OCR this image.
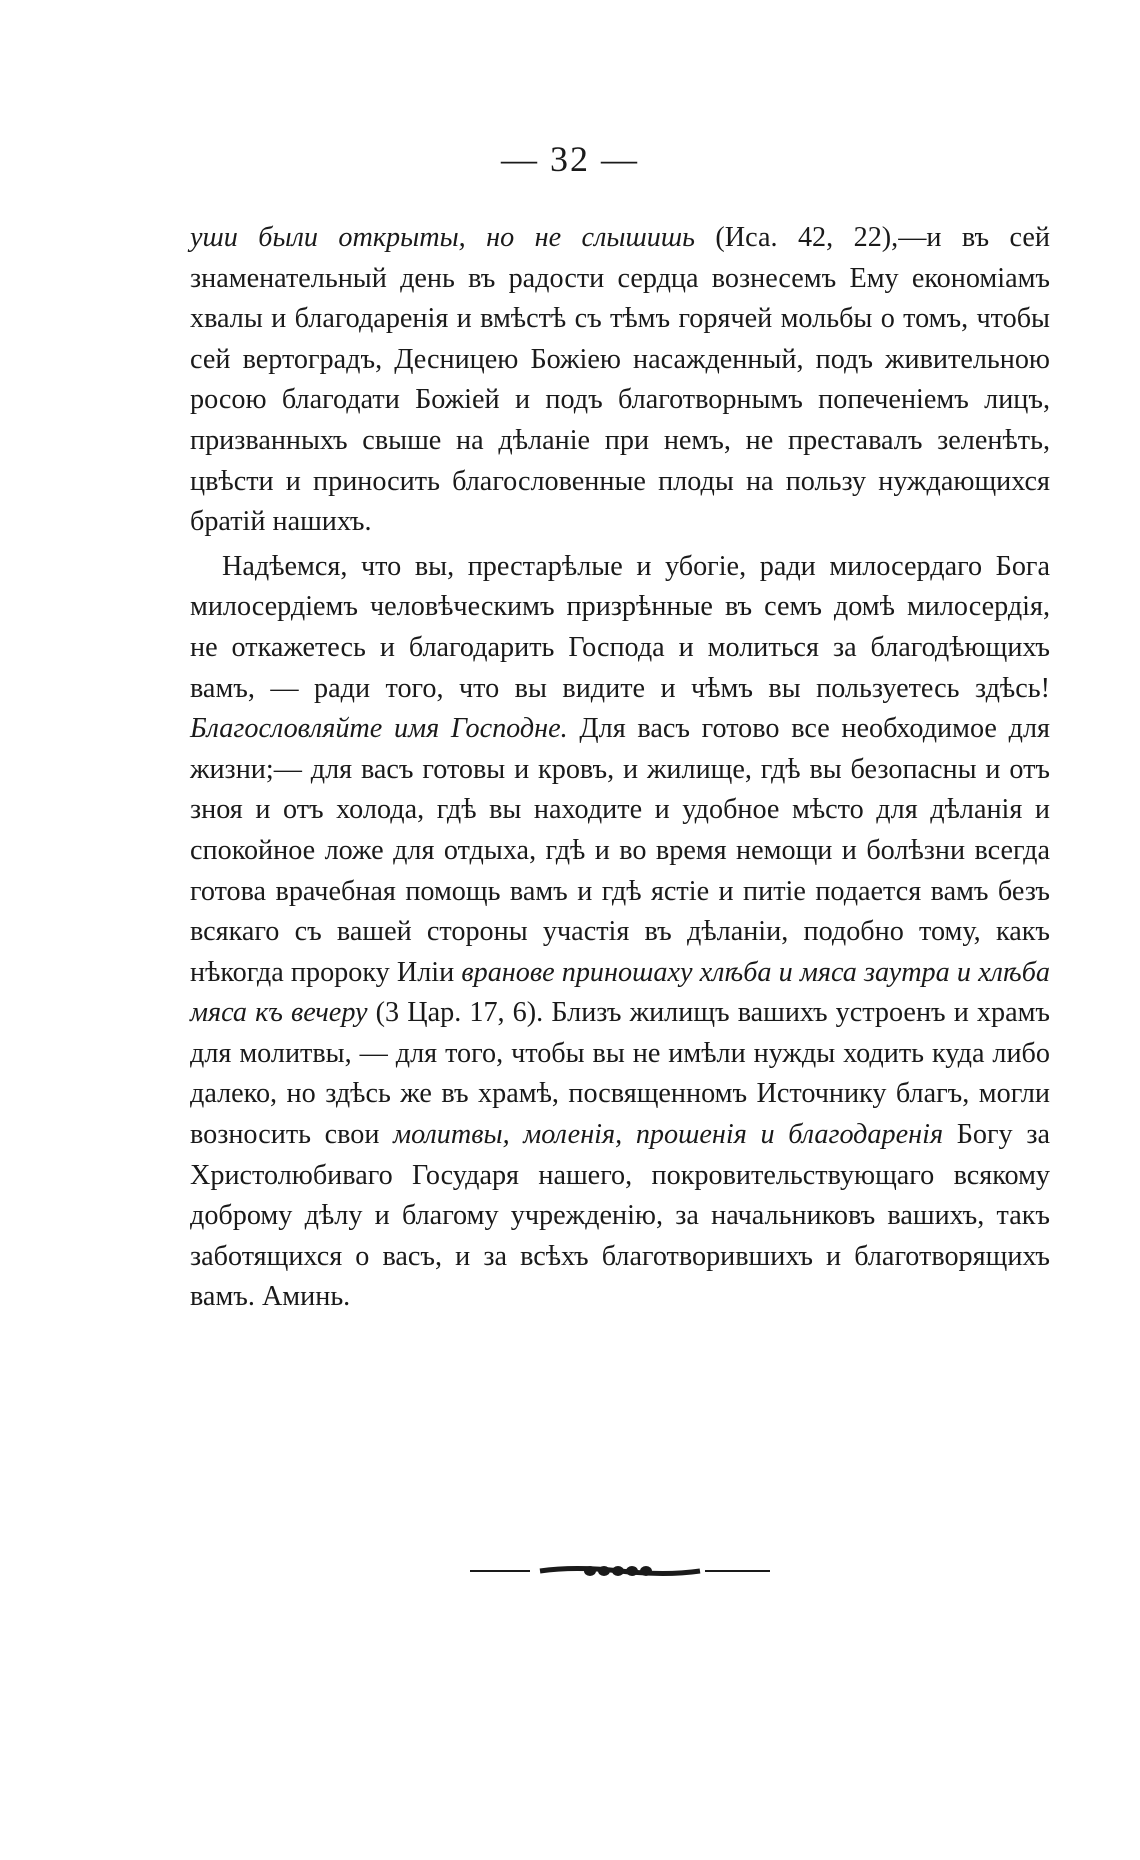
— 32 —

уши были открыты, но не слышишь (Иса. 42, 22),—и въ сей знаменательный день въ радости сердца вознесемъ Ему економіамъ хвалы и благодаренія и вмѣстѣ съ тѣмъ горячей мольбы о томъ, чтобы сей вертоградъ, Десницею Божіею насажденный, подъ живительною росою благодати Божіей и подъ благотворнымъ попеченіемъ лицъ, призванныхъ свыше на дѣланіе при немъ, не преставалъ зеленѣть, цвѣсти и приносить благословенные плоды на пользу нуждающихся братій нашихъ.

Надѣемся, что вы, престарѣлые и убогіе, ради милосердаго Бога милосердіемъ человѣческимъ призрѣнные въ семъ домѣ милосердія, не откажетесь и благодарить Господа и молиться за благодѣющихъ вамъ, — ради того, что вы видите и чѣмъ вы пользуетесь здѣсь! Благословляйте имя Господне. Для васъ готово все необходимое для жизни;— для васъ готовы и кровъ, и жилище, гдѣ вы безопасны и отъ зноя и отъ холода, гдѣ вы находите и удобное мѣсто для дѣланія и спокойное ложе для отдыха, гдѣ и во время немощи и болѣзни всегда готова врачебная помощь вамъ и гдѣ ястіе и питіе подается вамъ безъ всякаго съ вашей стороны участія въ дѣланіи, подобно тому, какъ нѣкогда пророку Иліи вранове приношаху хлѣба и мяса заутра и хлѣба мяса къ вечеру (3 Цар. 17, 6). Близъ жилищъ вашихъ устроенъ и храмъ для молитвы, — для того, чтобы вы не имѣли нужды ходить куда либо далеко, но здѣсь же въ храмѣ, посвященномъ Источнику благъ, могли возносить свои молитвы, моленія, прошенія и благодаренія Богу за Христолюбиваго Государя нашего, покровительствующаго всякому доброму дѣлу и благому учрежденію, за начальниковъ вашихъ, такъ заботящихся о васъ, и за всѣхъ благотворившихъ и благотворящихъ вамъ. Аминь.
